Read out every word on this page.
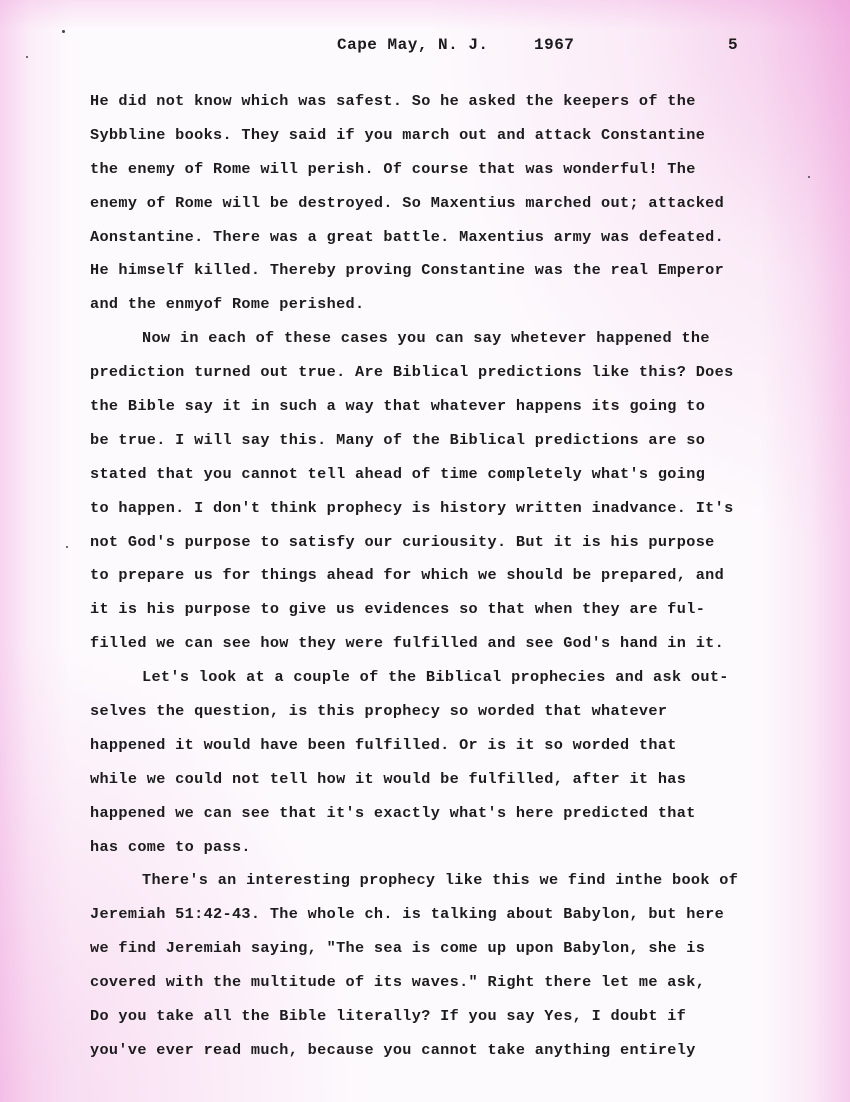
Cape May, N. J.	1967	5
He did not know which was safest. So he asked the keepers of the
Sybbline books. They said if you march out and attack Constantine
the enemy of Rome will perish. Of course that was wonderful! The
enemy of Rome will be destroyed. So Maxentius marched out; attacked
Aonstantine. There was a great battle. Maxentius army was defeated.
He himself killed. Thereby proving Constantine was the real Emperor
and the enmyof Rome perished.
Now in each of these cases you can say whetever happened the
prediction turned out true. Are Biblical predictions like this? Does
the Bible say it in such a way that whatever happens its going to
be true. I will say this. Many of the Biblical predictions are so
stated that you cannot tell ahead of time completely what's going
to happen. I don't think prophecy is history written inadvance. It's
not God's purpose to satisfy our curiousity. But it is his purpose
to prepare us for things ahead for which we should be prepared, and
it is his purpose to give us evidences so that when they are ful-
filled we can see how they were fulfilled and see God's hand in it.
Let's look at a couple of the Biblical prophecies and ask out-
selves the question, is this prophecy so worded that whatever
happened it would have been fulfilled. Or is it so worded that
while we could not tell how it would be fulfilled, after it has
happened we can see that it's exactly what's here predicted that
has come to pass.
There's an interesting prophecy like this we find inthe book of
Jeremiah 51:42-43. The whole ch. is talking about Babylon, but here
we find Jeremiah saying, "The sea is come up upon Babylon, she is
covered with the multitude of its waves." Right there let me ask,
Do you take all the Bible literally? If you say Yes, I doubt if
you've ever read much, because you cannot take anything entirely
